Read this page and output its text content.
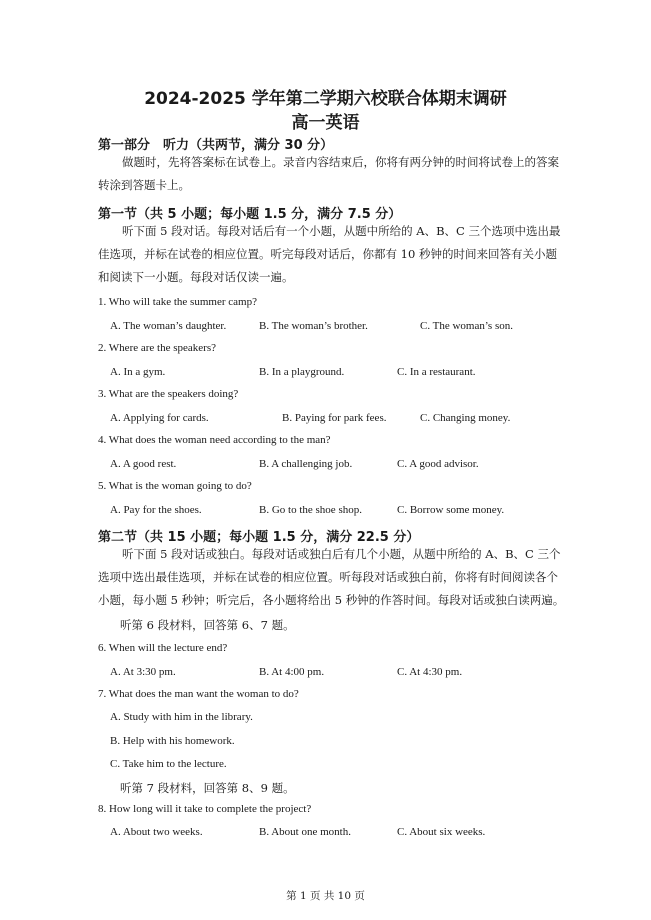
2024-2025 学年第二学期六校联合体期末调研
高一英语
第一部分　听力（共两节，满分 30 分）
做题时，先将答案标在试卷上。录音内容结束后，你将有两分钟的时间将试卷上的答案
转涂到答题卡上。
第一节（共 5 小题；每小题 1.5 分，满分 7.5 分）
听下面 5 段对话。每段对话后有一个小题，从题中所给的 A、B、C 三个选项中选出最
佳选项，并标在试卷的相应位置。听完每段对话后，你都有 10 秒钟的时间来回答有关小题
和阅读下一小题。每段对话仅读一遍。
1. Who will take the summer camp?
A. The woman’s daughter.	B. The woman’s brother.	C. The woman’s son.
2. Where are the speakers?
A. In a gym.	B. In a playground.	C. In a restaurant.
3. What are the speakers doing?
A. Applying for cards.	B. Paying for park fees.	C. Changing money.
4. What does the woman need according to the man?
A. A good rest.	B. A challenging job.	C. A good advisor.
5. What is the woman going to do?
A. Pay for the shoes.	B. Go to the shoe shop.	C. Borrow some money.
第二节（共 15 小题；每小题 1.5 分，满分 22.5 分）
听下面 5 段对话或独白。每段对话或独白后有几个小题，从题中所给的 A、B、C 三个
选项中选出最佳选项，并标在试卷的相应位置。听每段对话或独白前，你将有时间阅读各个
小题，每小题 5 秒钟；听完后，各小题将给出 5 秒钟的作答时间。每段对话或独白读两遍。
听第 6 段材料，回答第 6、7 题。
6. When will the lecture end?
A. At 3:30 pm.	B. At 4:00 pm.	C. At 4:30 pm.
7. What does the man want the woman to do?
A. Study with him in the library.
B. Help with his homework.
C. Take him to the lecture.
听第 7 段材料，回答第 8、9 题。
8. How long will it take to complete the project?
A. About two weeks.	B. About one month.	C. About six weeks.
第 1 页 共 10 页
